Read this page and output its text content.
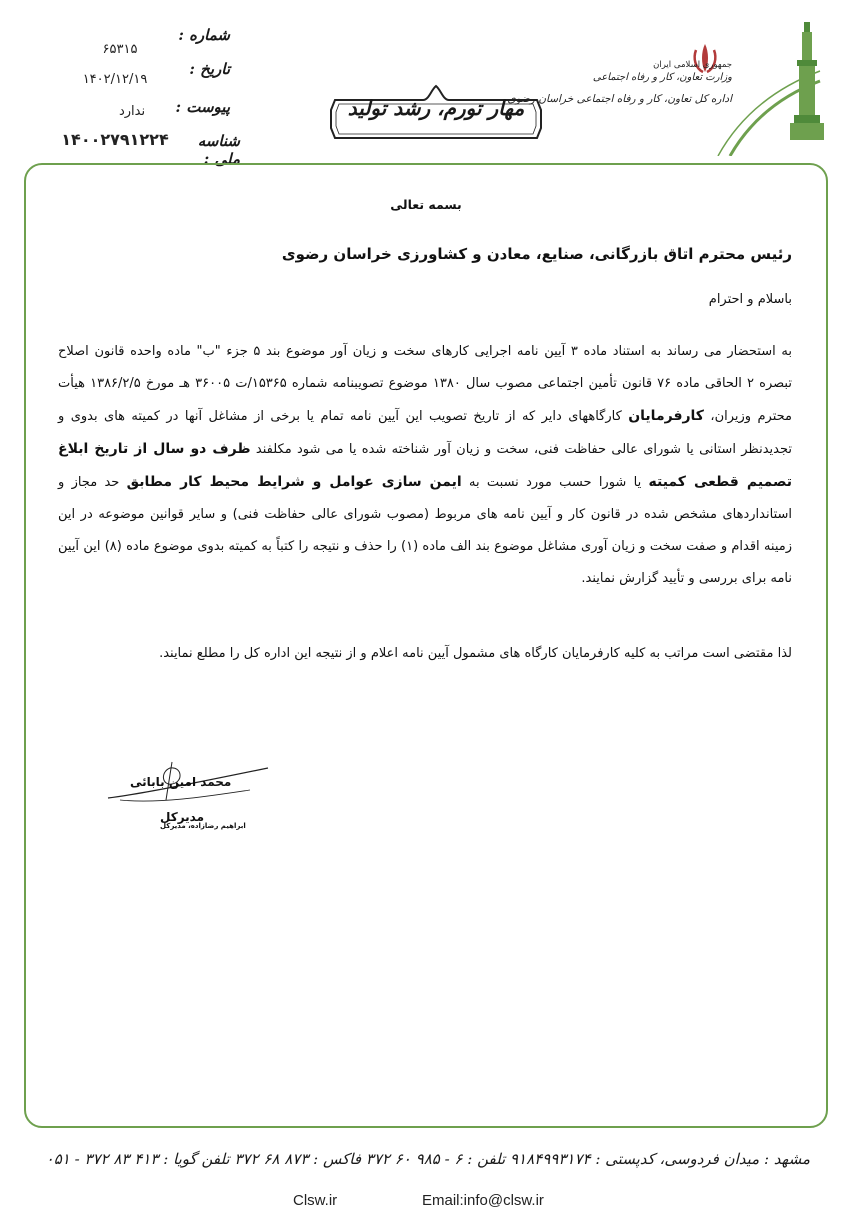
جمهوری اسلامی ایران
وزارت تعاون، کار و رفاه اجتماعی
اداره کل تعاون، کار و رفاه اجتماعی خراسان رضوی
مهار تورم، رشد تولید
شماره :
۶۵۳۱۵
تاریخ :
۱۴۰۲/۱۲/۱۹
پیوست :
ندارد
شناسه ملی :
۱۴۰۰۲۷۹۱۲۲۴
بسمه تعالی
رئیس محترم اتاق بازرگانی، صنایع، معادن و کشاورزی خراسان رضوی
باسلام و احترام
به استحضار می رساند به استناد ماده ۳ آیین نامه اجرایی کارهای سخت و زیان آور موضوع بند ۵ جزء "ب" ماده واحده قانون اصلاح تبصره ۲ الحاقی ماده ۷۶ قانون تأمین اجتماعی مصوب سال ۱۳۸۰ موضوع تصویبنامه شماره ۱۵۳۶۵/ت ۳۶۰۰۵ هـ مورخ ۱۳۸۶/۲/۵ هیأت محترم وزیران، کارفرمایان کارگاههای دایر که از تاریخ تصویب این آیین نامه تمام یا برخی از مشاغل آنها در کمیته های بدوی و تجدیدنظر استانی یا شورای عالی حفاظت فنی، سخت و زیان آور شناخته شده یا می شود مکلفند ظرف دو سال از تاریخ ابلاغ تصمیم قطعی کمیته یا شورا حسب مورد نسبت به ایمن سازی عوامل و شرایط محیط کار مطابق حد مجاز و استانداردهای مشخص شده در قانون کار و آیین نامه های مربوط (مصوب شورای عالی حفاظت فنی) و سایر قوانین موضوعه در این زمینه اقدام و صفت سخت و زیان آوری مشاغل موضوع بند الف ماده (۱) را حذف و نتیجه را کتباً به کمیته بدوی موضوع ماده (۸) این آیین نامه برای بررسی و تأیید گزارش نمایند.
لذا مقتضی است مراتب به کلیه کارفرمایان کارگاه های مشمول آیین نامه اعلام و از نتیجه این اداره کل را مطلع نمایند.
محمد امین بابائی
مدیرکل
ابراهیم رضازاده، مدیرکل
مشهد : میدان فردوسی، کدپستی : ۹۱۸۴۹۹۳۱۷۴ تلفن : ۶ - ۹۸۵ ۶۰ ۳۷۲ فاکس : ۸۷۳ ۶۸ ۳۷۲ تلفن گویا : ۴۱۳ ۸۳ ۳۷۲ - ۰۵۱
Clsw.ir	Email:info@clsw.ir
